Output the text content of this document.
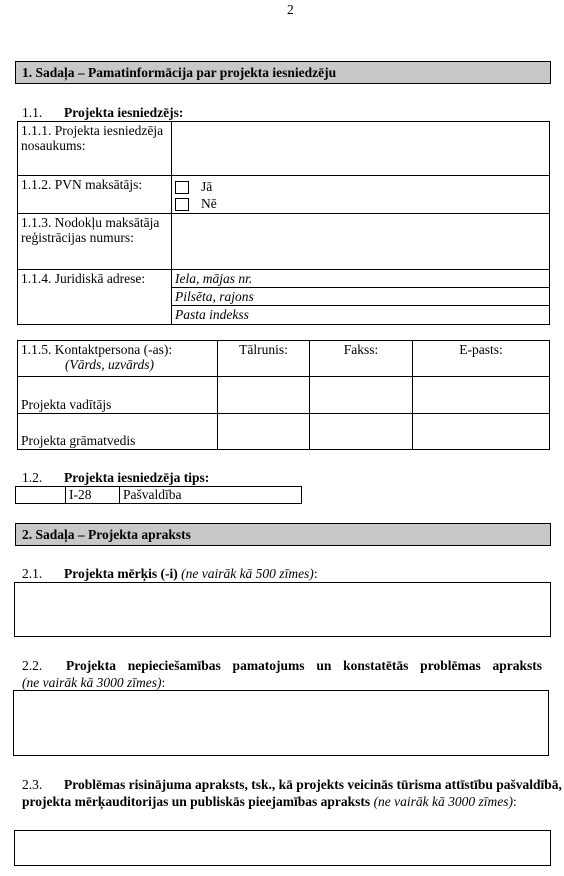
2
1. Sadaļa – Pamatinformācija par projekta iesniedzēju
1.1. Projekta iesniedzējs:
1.1.1. Projekta iesniedzēja nosaukums:	
1.1.2. PVN maksātājs:	Jā
Nē

1.1.3. Nodokļu maksātāja reģistrācijas numurs:	
1.1.4. Juridiskā adrese:	Iela, mājas nr.
Pilsēta, rajons
Pasta indekss
1.1.5. Kontaktpersona (-as):
(Vārds, uzvārds)	Tālrunis:	Fakss:	E-pasts:
Projekta vadītājs			
Projekta grāmatvedis			
1.2. Projekta iesniedzēja tips:
	I-28	Pašvaldība
2. Sadaļa – Projekta apraksts
2.1. Projekta mērķis (-i) (ne vairāk kā 500 zīmes):
2.2. Projekta nepieciešamības pamatojums un konstatētās problēmas apraksts (ne vairāk kā 3000 zīmes):
2.3. Problēmas risinājuma apraksts, tsk., kā projekts veicinās tūrisma attīstību pašvaldībā, projekta mērķauditorijas un publiskās pieejamības apraksts (ne vairāk kā 3000 zīmes):
